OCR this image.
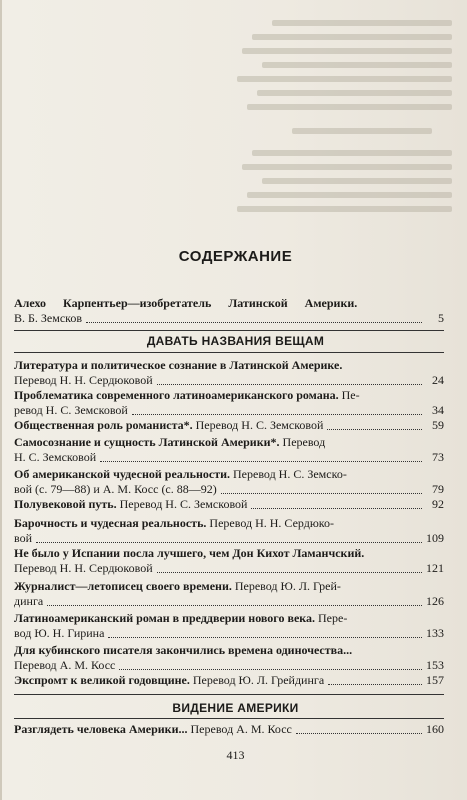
СОДЕРЖАНИЕ
Алехо Карпентьер—изобретатель Латинской Америки.
В. Б. Земсков	5
ДАВАТЬ НАЗВАНИЯ ВЕЩАМ
Литература и политическое сознание в Латинской Америке.
Перевод Н. Н. Сердюковой	24
Проблематика современного латиноамериканского романа. Пе-
ревод Н. С. Земсковой	34
Общественная роль романиста*. Перевод Н. С. Земсковой	59
Самосознание и сущность Латинской Америки*. Перевод
Н. С. Земсковой	73
Об американской чудесной реальности. Перевод Н. С. Земско-
вой (с. 79—88) и А. М. Косс (с. 88—92)	79
Полувековой путь. Перевод Н. С. Земсковой	92
Барочность и чудесная реальность. Перевод Н. Н. Сердюко-
вой	109
Не было у Испании посла лучшего, чем Дон Кихот Ламанчский.
Перевод Н. Н. Сердюковой	121
Журналист—летописец своего времени. Перевод Ю. Л. Грей-
динга	126
Латиноамериканский роман в преддверии нового века. Пере-
вод Ю. Н. Гирина	133
Для кубинского писателя закончились времена одиночества...
Перевод А. М. Косс	153
Экспромт к великой годовщине. Перевод Ю. Л. Грейдинга	157
ВИДЕНИЕ АМЕРИКИ
Разглядеть человека Америки... Перевод А. М. Косс	160
413
